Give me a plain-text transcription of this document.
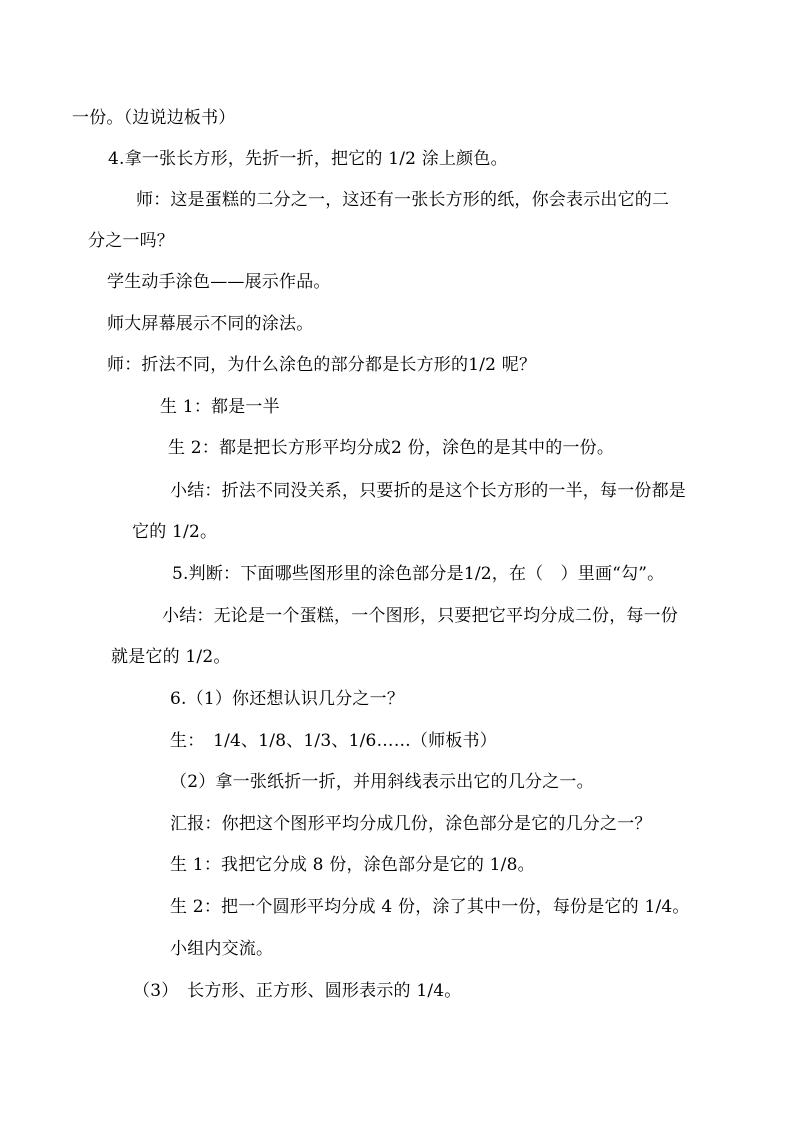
一份。（边说边板书）
4.拿一张长方形，先折一折，把它的 1/2 涂上颜色。
师：这是蛋糕的二分之一，这还有一张长方形的纸，你会表示出它的二
分之一吗？
学生动手涂色——展示作品。
师大屏幕展示不同的涂法。
师：折法不同，为什么涂色的部分都是长方形的1/2 呢？
生 1：都是一半
生 2：都是把长方形平均分成2 份，涂色的是其中的一份。
小结：折法不同没关系，只要折的是这个长方形的一半，每一份都是
它的 1/2。
5.判断：下面哪些图形里的涂色部分是1/2，在（　）里画“勾”。
小结：无论是一个蛋糕，一个图形，只要把它平均分成二份，每一份
就是它的 1/2。
6.（1）你还想认识几分之一？
生：　1/4、1/8、1/3、1/6……（师板书）
（2）拿一张纸折一折，并用斜线表示出它的几分之一。
汇报：你把这个图形平均分成几份，涂色部分是它的几分之一？
生 1：我把它分成 8 份，涂色部分是它的 1/8。
生 2：把一个圆形平均分成 4 份，涂了其中一份，每份是它的 1/4。
小组内交流。
（3）　长方形、正方形、圆形表示的 1/4。
